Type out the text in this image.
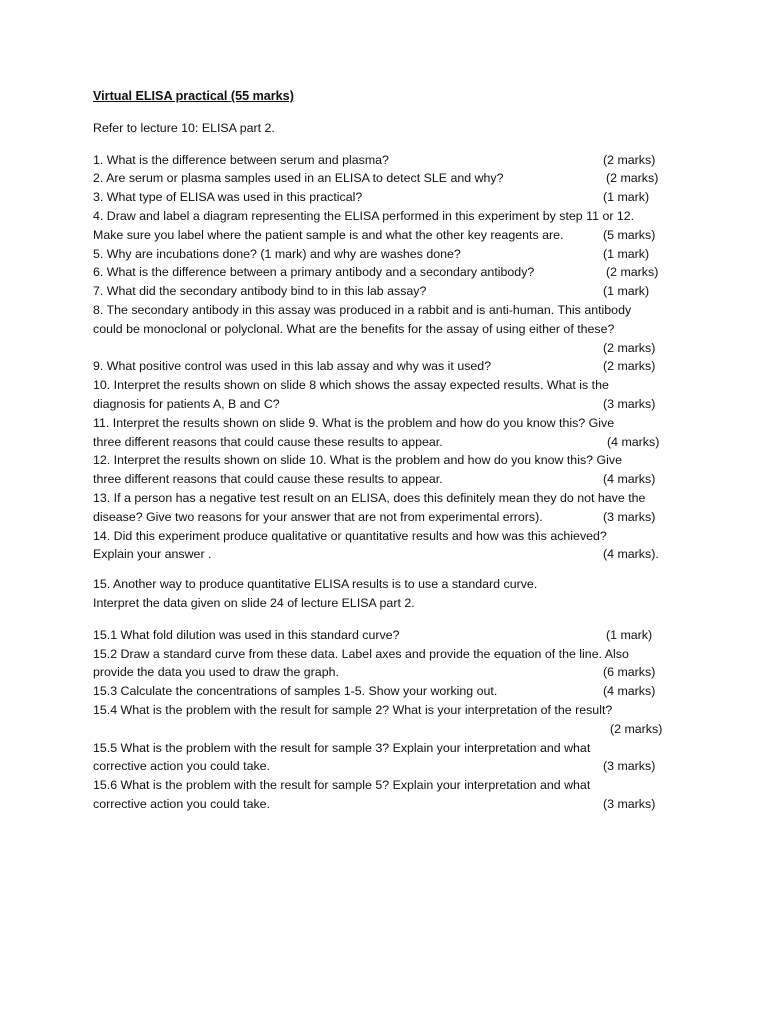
Virtual ELISA practical (55 marks)

Refer to lecture 10: ELISA part 2.
1. What is the difference between serum and plasma?	(2 marks)
2. Are serum or plasma samples used in an ELISA to detect SLE and why?	(2 marks)
3. What type of ELISA was used in this practical?	(1 mark)
4. Draw and label a diagram representing the ELISA performed in this experiment by step 11 or 12.
Make sure you label where the patient sample is and what the other key reagents are.	(5 marks)
5. Why are incubations done? (1 mark) and why are washes done?	(1 mark)
6. What is the difference between a primary antibody and a secondary antibody?	(2 marks)
7. What did the secondary antibody bind to in this lab assay?	(1 mark)
8. The secondary antibody in this assay was produced in a rabbit and is anti-human. This antibody
could be monoclonal or polyclonal. What are the benefits for the assay of using either of these?
(2 marks)
9. What positive control was used in this lab assay and why was it used?	(2 marks)
10. Interpret the results shown on slide 8 which shows the assay expected results. What is the
diagnosis for patients A, B and C?	(3 marks)
11. Interpret the results shown on slide 9. What is the problem and how do you know this? Give
three different reasons that could cause these results to appear.	(4 marks)
12. Interpret the results shown on slide 10. What is the problem and how do you know this? Give
three different reasons that could cause these results to appear.	(4 marks)
13. If a person has a negative test result on an ELISA, does this definitely mean they do not have the
disease? Give two reasons for your answer that are not from experimental errors).	(3 marks)
14. Did this experiment produce qualitative or quantitative results and how was this achieved?
Explain your answer .	(4 marks).
15. Another way to produce quantitative ELISA results is to use a standard curve.
Interpret the data given on slide 24 of lecture ELISA part 2.
15.1 What fold dilution was used in this standard curve?	(1 mark)
15.2 Draw a standard curve from these data. Label axes and provide the equation of the line. Also
provide the data you used to draw the graph.	(6 marks)
15.3 Calculate the concentrations of samples 1-5. Show your working out.	(4 marks)
15.4 What is the problem with the result for sample 2? What is your interpretation of the result?
(2 marks)
15.5 What is the problem with the result for sample 3? Explain your interpretation and what
corrective action you could take.	(3 marks)
15.6 What is the problem with the result for sample 5? Explain your interpretation and what
corrective action you could take.	(3 marks)
